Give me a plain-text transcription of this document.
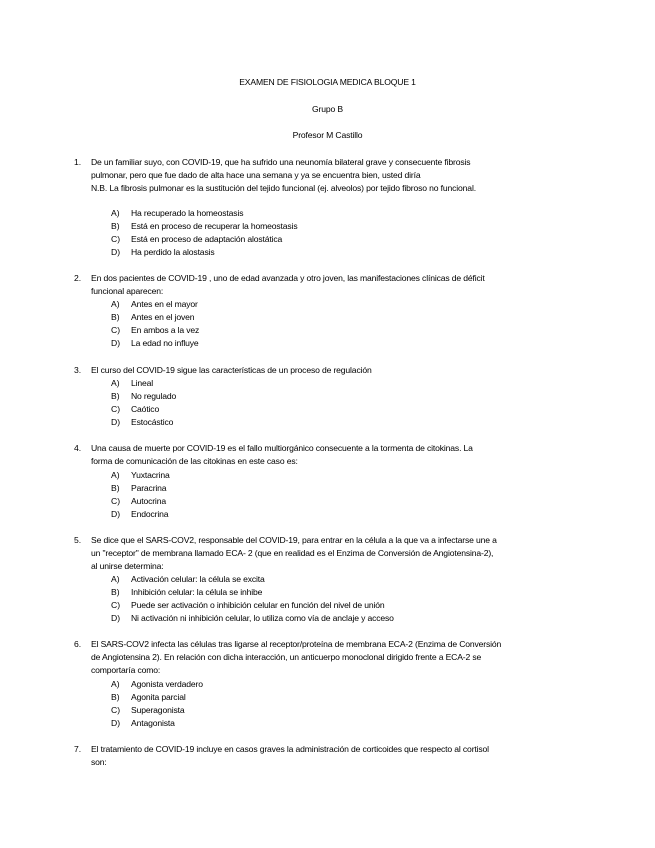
EXAMEN DE FISIOLOGIA MEDICA BLOQUE 1
Grupo B
Profesor M Castillo
1. De un familiar suyo, con COVID-19, que ha sufrido una neunomía bilateral grave y consecuente fibrosis
pulmonar, pero que fue dado de alta hace una semana y ya se encuentra bien, usted diría
N.B. La fibrosis pulmonar es la sustitución del tejido funcional (ej. alveolos) por tejido fibroso no funcional.
A) Ha recuperado la homeostasis
B) Está en proceso de recuperar la homeostasis
C) Está en proceso de adaptación alostática
D) Ha perdido la alostasis
2. En dos pacientes de COVID-19 , uno de edad avanzada y otro joven, las manifestaciones clínicas de déficit
funcional aparecen:
A) Antes en el mayor
B) Antes en el joven
C) En ambos a la vez
D) La edad no influye
3. El curso del COVID-19 sigue las características de un proceso de regulación
A) Lineal
B) No regulado
C) Caótico
D) Estocástico
4. Una causa de muerte por COVID-19 es el fallo multiorgánico consecuente a la tormenta de citokinas. La
forma de comunicación de las citokinas en este caso es:
A) Yuxtacrina
B) Paracrina
C) Autocrina
D) Endocrina
5. Se dice que el SARS-COV2, responsable del COVID-19, para entrar en la célula a la que va a infectarse une a
un "receptor" de membrana llamado ECA- 2 (que en realidad es el Enzima de Conversión de Angiotensina-2),
al unirse determina:
A) Activación celular: la célula se excita
B) Inhibición celular: la célula se inhibe
C) Puede ser activación o inhibición celular en función del nivel de unión
D) Ni activación ni inhibición celular, lo utiliza como vía de anclaje y acceso
6. El SARS-COV2 infecta las células tras ligarse al receptor/proteína de membrana ECA-2 (Enzima de Conversión
de Angiotensina 2). En relación con dicha interacción, un anticuerpo monoclonal dirigido frente a ECA-2 se
comportaría como:
A) Agonista verdadero
B) Agonita parcial
C) Superagonista
D) Antagonista
7. El tratamiento de COVID-19 incluye en casos graves la administración de corticoides que respecto al cortisol
son:
